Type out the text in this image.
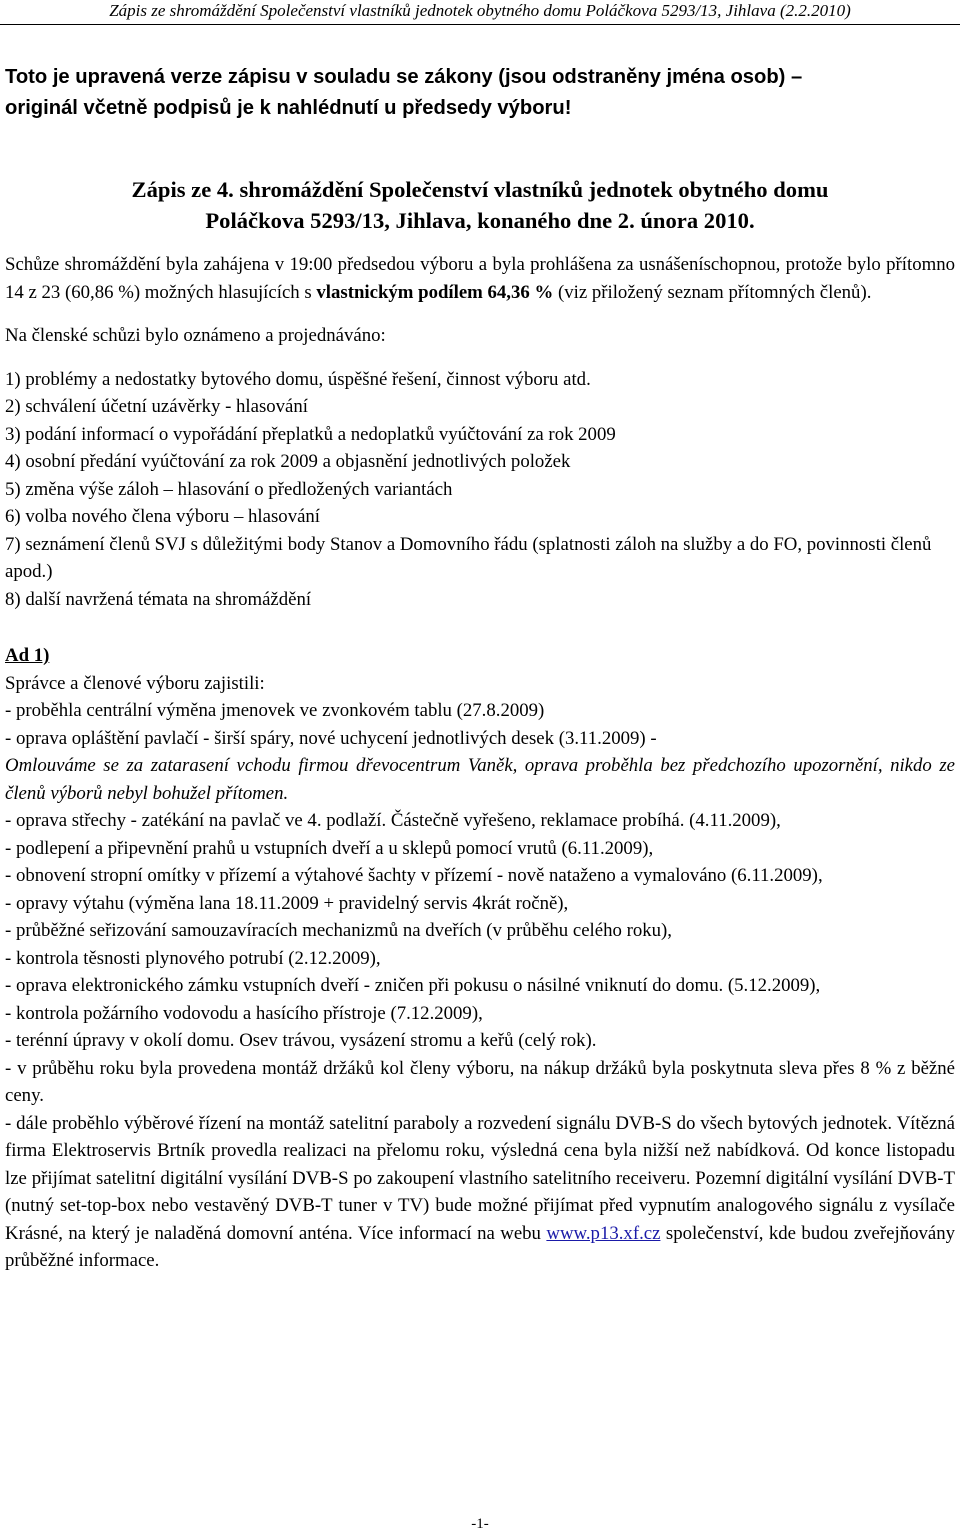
Zápis ze shromáždění Společenství vlastníků jednotek obytného domu Poláčkova 5293/13, Jihlava (2.2.2010)

Toto je upravená verze zápisu v souladu se zákony (jsou odstraněny jména osob) –

originál včetně podpisů je k nahlédnutí u předsedy výboru!

Zápis ze 4. shromáždění Společenství vlastníků jednotek obytného domu
Poláčkova 5293/13, Jihlava, konaného dne 2. února 2010.

Schůze shromáždění byla zahájena v 19:00 předsedou výboru a byla prohlášena za usnášeníschopnou, protože bylo přítomno 14 z 23 (60,86 %) možných hlasujících s vlastnickým podílem 64,36 % (viz přiložený seznam přítomných členů).

Na členské schůzi bylo oznámeno a projednáváno:

1) problémy a nedostatky bytového domu, úspěšné řešení, činnost výboru atd.
2) schválení účetní uzávěrky - hlasování
3) podání informací o vypořádání přeplatků a nedoplatků vyúčtování za rok 2009
4) osobní předání vyúčtování za rok 2009 a objasnění jednotlivých položek
5) změna výše záloh – hlasování o předložených variantách
6) volba nového člena výboru – hlasování
7) seznámení členů SVJ s důležitými body Stanov a Domovního řádu (splatnosti záloh na služby a do FO, povinnosti členů apod.)
8) další navržená témata na shromáždění

Ad 1)

Správce a členové výboru zajistili:
- proběhla centrální výměna jmenovek ve zvonkovém tablu (27.8.2009)
- oprava opláštění pavlačí - širší spáry, nové uchycení jednotlivých desek (3.11.2009) -
Omlouváme se za zatarasení vchodu firmou dřevocentrum Vaněk, oprava proběhla bez předchozího upozornění, nikdo ze členů výborů nebyl bohužel přítomen.
- oprava střechy - zatékání na pavlač ve 4. podlaží. Částečně vyřešeno, reklamace probíhá. (4.11.2009),
- podlepení a připevnění prahů u vstupních dveří a u sklepů pomocí vrutů (6.11.2009),
- obnovení stropní omítky v přízemí a výtahové šachty v přízemí - nově nataženo a vymalováno (6.11.2009),
- opravy výtahu (výměna lana 18.11.2009 + pravidelný servis 4krát ročně),
- průběžné seřizování samouzavíracích mechanizmů na dveřích (v průběhu celého roku),
- kontrola těsnosti plynového potrubí (2.12.2009),
- oprava elektronického zámku vstupních dveří - zničen při pokusu o násilné vniknutí do domu. (5.12.2009),
- kontrola požárního vodovodu a hasícího přístroje (7.12.2009),
- terénní úpravy v okolí domu. Osev trávou, vysázení stromu a keřů (celý rok).
- v průběhu roku byla provedena montáž držáků kol členy výboru, na nákup držáků byla poskytnuta sleva přes 8 % z běžné ceny.
- dále proběhlo výběrové řízení na montáž satelitní paraboly a rozvedení signálu DVB-S do všech bytových jednotek. Vítězná firma Elektroservis Brtník provedla realizaci na přelomu roku, výsledná cena byla nižší než nabídková. Od konce listopadu lze přijímat satelitní digitální vysílání DVB-S po zakoupení vlastního satelitního receiveru. Pozemní digitální vysílání DVB-T (nutný set-top-box nebo vestavěný DVB-T tuner v TV) bude možné přijímat před vypnutím analogového signálu z vysílače Krásné, na který je naladěná domovní anténa. Více informací na webu www.p13.xf.cz společenství, kde budou zveřejňovány průběžné informace.
-1-
